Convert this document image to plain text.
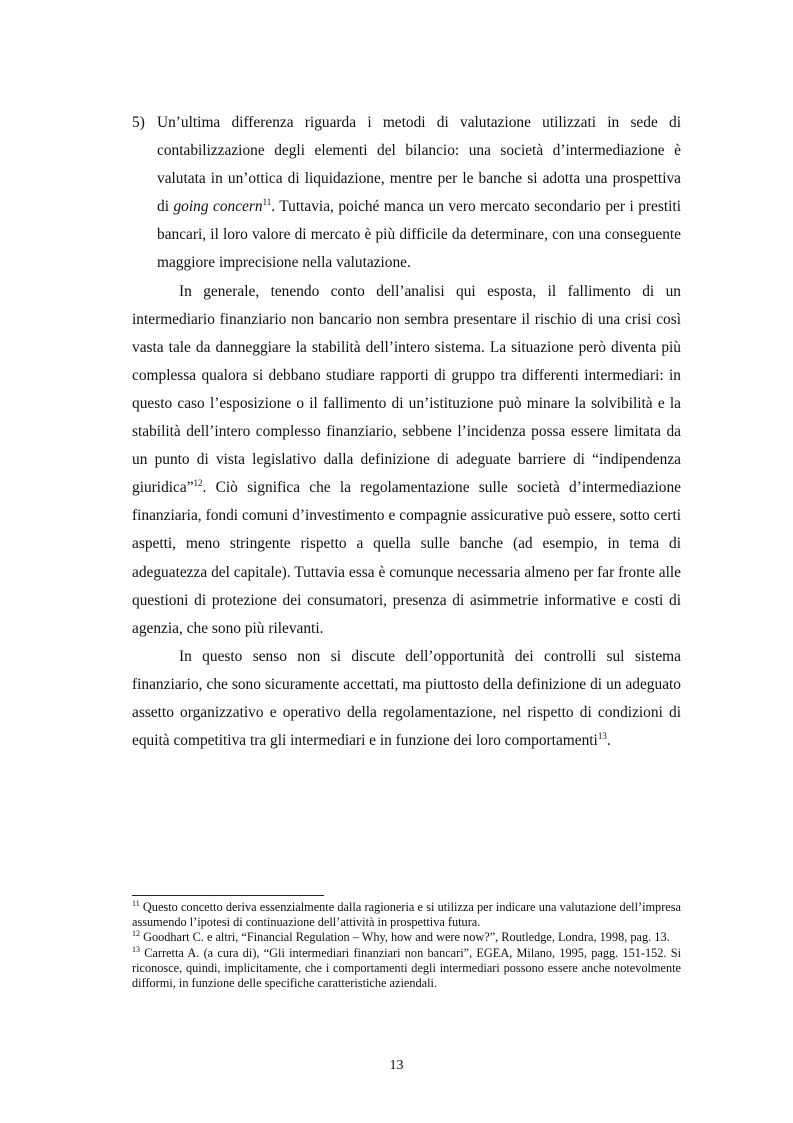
5) Un’ultima differenza riguarda i metodi di valutazione utilizzati in sede di contabilizzazione degli elementi del bilancio: una società d’intermediazione è valutata in un’ottica di liquidazione, mentre per le banche si adotta una prospettiva di going concern$^{11}$. Tuttavia, poiché manca un vero mercato secondario per i prestiti bancari, il loro valore di mercato è più difficile da determinare, con una conseguente maggiore imprecisione nella valutazione.

In generale, tenendo conto dell’analisi qui esposta, il fallimento di un intermediario finanziario non bancario non sembra presentare il rischio di una crisi così vasta tale da danneggiare la stabilità dell’intero sistema. La situazione però diventa più complessa qualora si debbano studiare rapporti di gruppo tra differenti intermediari: in questo caso l’esposizione o il fallimento di un’istituzione può minare la solvibilità e la stabilità dell’intero complesso finanziario, sebbene l’incidenza possa essere limitata da un punto di vista legislativo dalla definizione di adeguate barriere di “indipendenza giuridica”$^{12}$. Ciò significa che la regolamentazione sulle società d’intermediazione finanziaria, fondi comuni d’investimento e compagnie assicurative può essere, sotto certi aspetti, meno stringente rispetto a quella sulle banche (ad esempio, in tema di adeguatezza del capitale). Tuttavia essa è comunque necessaria almeno per far fronte alle questioni di protezione dei consumatori, presenza di asimmetrie informative e costi di agenzia, che sono più rilevanti.

In questo senso non si discute dell’opportunità dei controlli sul sistema finanziario, che sono sicuramente accettati, ma piuttosto della definizione di un adeguato assetto organizzativo e operativo della regolamentazione, nel rispetto di condizioni di equità competitiva tra gli intermediari e in funzione dei loro comportamenti$^{13}$.

$^{11}$ Questo concetto deriva essenzialmente dalla ragioneria e si utilizza per indicare una valutazione dell’impresa assumendo l’ipotesi di continuazione dell’attività in prospettiva futura.

$^{12}$ Goodhart C. e altri, “Financial Regulation – Why, how and were now?”, Routledge, Londra, 1998, pag. 13.

$^{13}$ Carretta A. (a cura di), “Gli intermediari finanziari non bancari”, EGEA, Milano, 1995, pagg. 151-152. Si riconosce, quindi, implicitamente, che i comportamenti degli intermediari possono essere anche notevolmente difformi, in funzione delle specifiche caratteristiche aziendali.

13
